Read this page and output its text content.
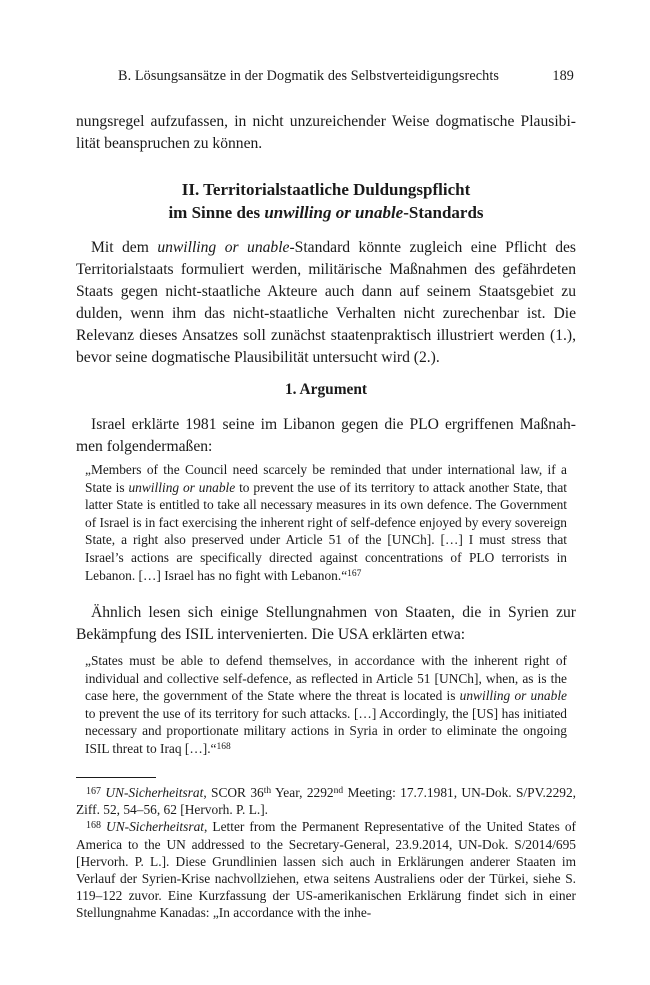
B. Lösungsansätze in der Dogmatik des Selbstverteidigungsrechts	189

nungsregel aufzufassen, in nicht unzureichender Weise dogmatische Plausibilität beanspruchen zu können.

II. Territorialstaatliche Duldungspflicht
im Sinne des unwilling or unable-Standards

Mit dem unwilling or unable-Standard könnte zugleich eine Pflicht des Territorialstaats formuliert werden, militärische Maßnahmen des gefährdeten Staats gegen nicht-staatliche Akteure auch dann auf seinem Staatsgebiet zu dulden, wenn ihm das nicht-staatliche Verhalten nicht zurechenbar ist. Die Relevanz dieses Ansatzes soll zunächst staatenpraktisch illustriert werden (1.), bevor seine dogmatische Plausibilität untersucht wird (2.).

1. Argument

Israel erklärte 1981 seine im Libanon gegen die PLO ergriffenen Maßnahmen folgendermaßen:

„Members of the Council need scarcely be reminded that under international law, if a State is unwilling or unable to prevent the use of its territory to attack another State, that latter State is entitled to take all necessary measures in its own defence. The Government of Israel is in fact exercising the inherent right of self-defence enjoyed by every sovereign State, a right also preserved under Article 51 of the [UNCh]. […] I must stress that Israel’s actions are specifically directed against concentrations of PLO terrorists in Lebanon. […] Israel has no fight with Lebanon.“$^{167}$

Ähnlich lesen sich einige Stellungnahmen von Staaten, die in Syrien zur Bekämpfung des ISIL intervenierten. Die USA erklärten etwa:

„States must be able to defend themselves, in accordance with the inherent right of individual and collective self-defence, as reflected in Article 51 [UNCh], when, as is the case here, the government of the State where the threat is located is unwilling or unable to prevent the use of its territory for such attacks. […] Accordingly, the [US] has initiated necessary and proportionate military actions in Syria in order to eliminate the ongoing ISIL threat to Iraq […].“$^{168}$

$^{167}$ UN-Sicherheitsrat, SCOR 36th Year, 2292nd Meeting: 17.7.1981, UN-Dok. S/PV.2292, Ziff. 52, 54–56, 62 [Hervorh. P. L.].

$^{168}$ UN-Sicherheitsrat, Letter from the Permanent Representative of the United States of America to the UN addressed to the Secretary-General, 23.9.2014, UN-Dok. S/2014/695 [Hervorh. P. L.]. Diese Grundlinien lassen sich auch in Erklärungen anderer Staaten im Verlauf der Syrien-Krise nachvollziehen, etwa seitens Australiens oder der Türkei, siehe S. 119–122 zuvor. Eine Kurzfassung der US-amerikanischen Erklärung findet sich in einer Stellungnahme Kanadas: „In accordance with the inhe-
